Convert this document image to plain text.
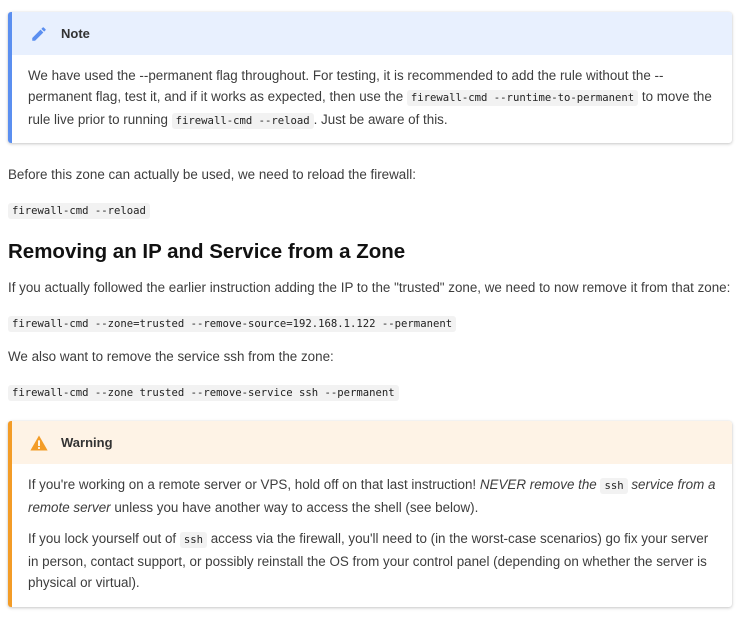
Note

We have used the --permanent flag throughout. For testing, it is recommended to add the rule without the --permanent flag, test it, and if it works as expected, then use the firewall-cmd --runtime-to-permanent to move the rule live prior to running firewall-cmd --reload . Just be aware of this.

Before this zone can actually be used, we need to reload the firewall:

firewall-cmd --reload

Removing an IP and Service from a Zone

If you actually followed the earlier instruction adding the IP to the "trusted" zone, we need to now remove it from that zone:

firewall-cmd --zone=trusted --remove-source=192.168.1.122 --permanent

We also want to remove the service ssh from the zone:

firewall-cmd --zone trusted --remove-service ssh --permanent

Warning

If you're working on a remote server or VPS, hold off on that last instruction! NEVER remove the ssh service from a remote server unless you have another way to access the shell (see below).

If you lock yourself out of ssh access via the firewall, you'll need to (in the worst-case scenarios) go fix your server in person, contact support, or possibly reinstall the OS from your control panel (depending on whether the server is physical or virtual).
